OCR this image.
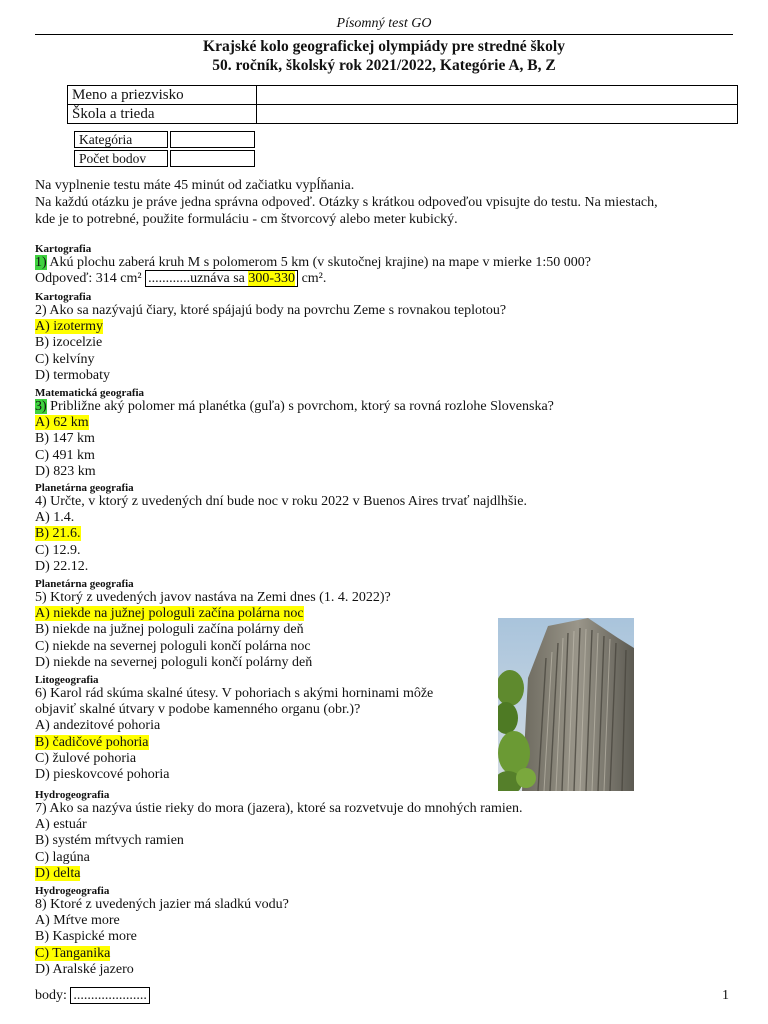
Písomný test GO
Krajské kolo geografickej olympiády pre stredné školy
50. ročník, školský rok 2021/2022, Kategórie A, B, Z
Meno a priezvisko	
Škola a trieda	
Kategória	
Počet bodov	
Na vyplnenie testu máte 45 minút od začiatku vypĺňania.
Na každú otázku je práve jedna správna odpoveď. Otázky s krátkou odpoveďou vpisujte do testu. Na miestach,
kde je to potrebné, použite formuláciu - cm štvorcový alebo meter kubický.
Kartografia
1) Akú plochu zaberá kruh M s polomerom 5 km (v skutočnej krajine) na mape v mierke 1:50 000?
Odpoveď: 314 cm² ............uznáva sa 300-330 cm².
Kartografia
2) Ako sa nazývajú čiary, ktoré spájajú body na povrchu Zeme s rovnakou teplotou?
A) izotermy
B) izocelzie
C) kelvíny
D) termobaty
Matematická geografia
3) Približne aký polomer má planétka (guľa) s povrchom, ktorý sa rovná rozlohe Slovenska?
A) 62 km
B) 147 km
C) 491 km
D) 823 km
Planetárna geografia
4) Určte, v ktorý z uvedených dní bude noc v roku 2022 v Buenos Aires trvať najdlhšie.
A) 1.4.
B) 21.6.
C) 12.9.
D) 22.12.
Planetárna geografia
5) Ktorý z uvedených javov nastáva na Zemi dnes (1. 4. 2022)?
A) niekde na južnej pologuli začína polárna noc
B) niekde na južnej pologuli začína polárny deň
C) niekde na severnej pologuli končí polárna noc
D) niekde na severnej pologuli končí polárny deň
Litogeografia
6) Karol rád skúma skalné útesy. V pohoriach s akými horninami môže
objaviť skalné útvary v podobe kamenného organu (obr.)?
A) andezitové pohoria
B) čadičové pohoria
C) žulové pohoria
D) pieskovcové pohoria
Hydrogeografia
7) Ako sa nazýva ústie rieky do mora (jazera), ktoré sa rozvetvuje do mnohých ramien.
A) estuár
B) systém mŕtvych ramien
C) lagúna
D) delta
Hydrogeografia
8) Ktoré z uvedených jazier má sladkú vodu?
A) Mŕtve more
B) Kaspické more
C) Tanganika
D) Aralské jazero
body: .....................	1
